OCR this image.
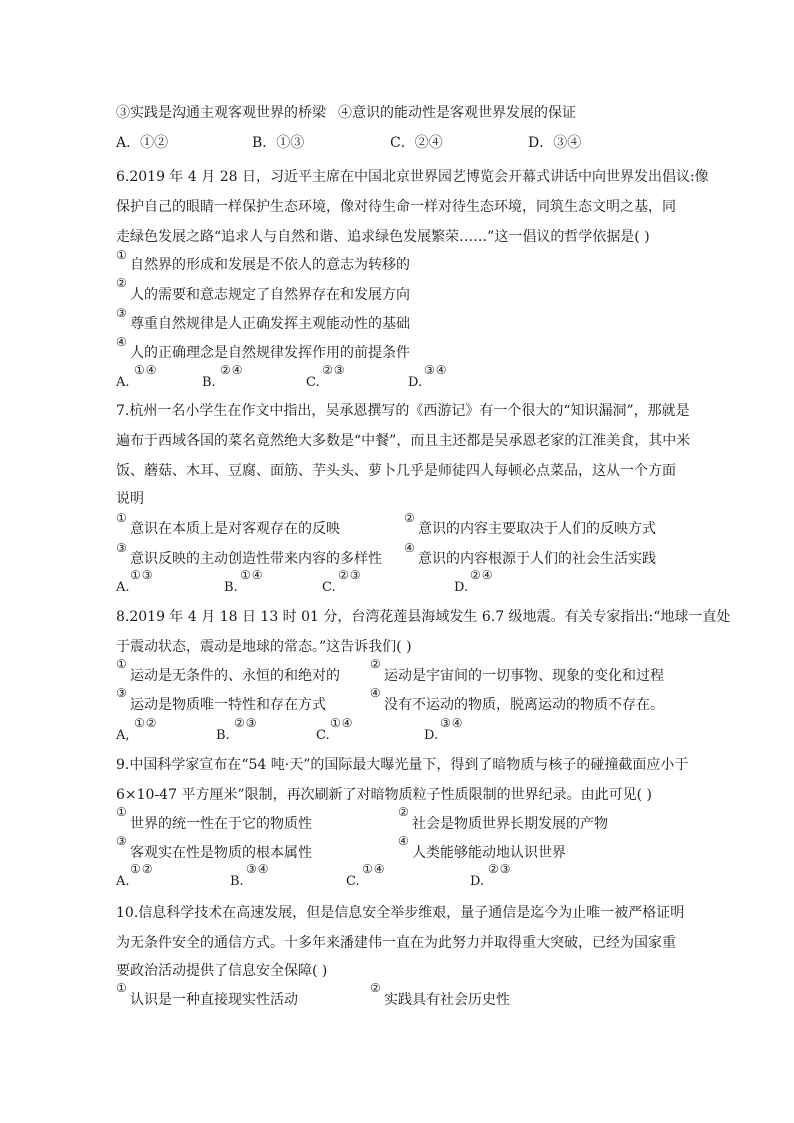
③实践是沟通主观客观世界的桥梁 ④意识的能动性是客观世界发展的保证
A．①②	B．①③	C．②④	D．③④
6.2019 年 4 月 28 日，习近平主席在中国北京世界园艺博览会开幕式讲话中向世界发出倡议:像
保护自己的眼睛一样保护生态环境，像对待生命一样对待生态环境，同筑生态文明之基，同
走绿色发展之路“追求人与自然和谐、追求绿色发展繁荣……”这一倡议的哲学依据是( )
①
自然界的形成和发展是不依人的意志为转移的
②
人的需要和意志规定了自然界存在和发展方向
③
尊重自然规律是人正确发挥主观能动性的基础
④
人的正确理念是自然规律发挥作用的前提条件
①④
A.
②④
B.
②③
C.
③④
D.
7.杭州一名小学生在作文中指出，吴承恩撰写的《西游记》有一个很大的“知识漏洞”，那就是
遍布于西域各国的菜名竟然绝大多数是“中餐”，而且主还都是吴承恩老家的江淮美食，其中米
饭、蘑菇、木耳、豆腐、面筋、芋头头、萝卜几乎是师徒四人每顿必点菜品，这从一个方面
说明
①
意识在本质上是对客观存在的反映
②
意识的内容主要取决于人们的反映方式
③
意识反映的主动创造性带来内容的多样性
④
意识的内容根源于人们的社会生活实践
①③
A.
①④
B.
②③
C.
②④
D.
8.2019 年 4 月 18 日 13 时 01 分，台湾花莲县海域发生 6.7 级地震。有关专家指出:“地球一直处
于震动状态，震动是地球的常态。”这告诉我们( )
①
运动是无条件的、永恒的和绝对的
②
运动是宇宙间的一切事物、现象的变化和过程
③
运动是物质唯一特性和存在方式
④
没有不运动的物质，脱离运动的物质不存在。
①②
A,
②③
B.
①④
C.
③④
D.
9.中国科学家宣布在“54 吨·天”的国际最大曝光量下，得到了暗物质与核子的碰撞截面应小于
6×10-47 平方厘米”限制，再次刷新了对暗物质粒子性质限制的世界纪录。由此可见( )
①
世界的统一性在于它的物质性
②
社会是物质世界长期发展的产物
③
客观实在性是物质的根本属性
④
人类能够能动地认识世界
①②
A.
③④
B.
①④
C.
②③
D.
10.信息科学技术在高速发展，但是信息安全举步维艰，量子通信是迄今为止唯一被严格证明
为无条件安全的通信方式。十多年来潘建伟一直在为此努力并取得重大突破，已经为国家重
要政治活动提供了信息安全保障( )
①
认识是一种直接现实性活动
②
实践具有社会历史性
